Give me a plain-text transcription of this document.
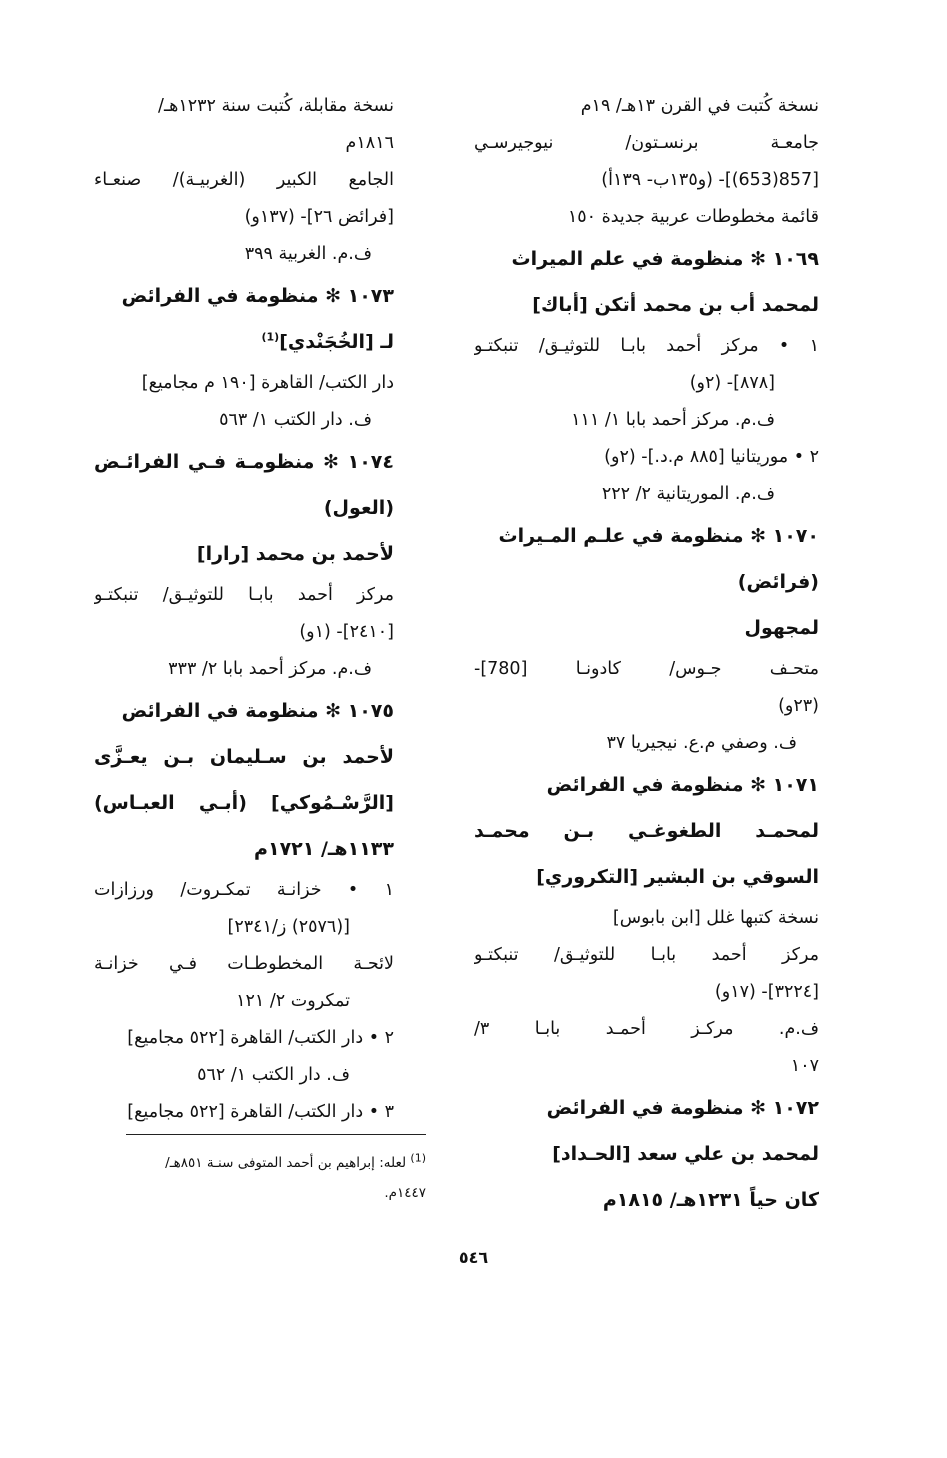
نسخة كُتبت في القرن ١٣هـ/ ١٩م
جامعـة برنسـتون/ نيوجيرسـي
[857(653)]- (و١٣٥ب- ١٣٩أ)
قائمة مخطوطات عربية جديدة ١٥٠
١٠٦٩ ✻ منظومة في علم الميراث
لمحمد أب بن محمد أتكن [أباك]
١ • مركز أحمد بابـا للتوثيـق/ تنبكتـو
[٨٧٨]- (٢و)
ف.م. مركز أحمد بابا ١/ ١١١
٢ • موريتانيا [٨٨٥ م.د.]- (٢و)
ف.م. الموريتانية ٢/ ٢٢٢
١٠٧٠ ✻ منظومة في علـم المـيراث
(فرائض)
لمجهول
متحـف جـوس/ كادونـا [780]-
(٢٣و)
ف. وصفي م.ع. نيجيريا ٣٧
١٠٧١ ✻ منظومة في الفرائض
لمحمـد الطغوغـي بـن محمـد
السوقي بن البشير [التكروري]
نسخة كتبها غلل [ابن بابوس]
مركز أحمد بابـا للتوثيـق/ تنبكتـو
[٣٢٢٤]- (١٧و)
ف.م. مركـز أحمـد بابـا ٣/
١٠٧
١٠٧٢ ✻ منظومة في الفرائض
لمحمد بن علي سعد [الحـداد]
كان حياً ١٢٣١هـ/ ١٨١٥م
نسخة مقابلة، كُتبت سنة ١٢٣٢هـ/
١٨١٦م
الجامع الكبير (الغربيـة)/ صنعـاء
[فرائض ٢٦]- (١٣٧و)
ف.م. الغربية ٣٩٩
١٠٧٣ ✻ منظومة في الفرائض
لـ [الخُجَنْدي]$^{(1)}$
دار الكتب/ القاهرة [١٩٠ م مجاميع]
ف. دار الكتب ١/ ٥٦٣
١٠٧٤ ✻ منظومـة فـي الفرائـض
(العول)
لأحمد بن محمد [رارا]
مركز أحمد بابـا للتوثيـق/ تنبكتـو
[٢٤١٠]- (١و)
ف.م. مركز أحمد بابا ٢/ ٣٣٣
١٠٧٥ ✻ منظومة في الفرائض
لأحمد بن سـليمان بـن يعـزَّى
[الرَّسْـمُوكي] (أبـي العبـاس)
١١٣٣هـ/ ١٧٢١م
١ • خزانـة تمكـروت/ ورزازات
[(٢٥٧٦) ز/٢٣٤١]
لائحـة المخطوطـات فـي خزانـة
تمكروت ٢/ ١٢١
٢ • دار الكتب/ القاهرة [٥٢٢ مجاميع]
ف. دار الكتب ١/ ٥٦٢
٣ • دار الكتب/ القاهرة [٥٢٢ مجاميع]
$^{(1)}$ لعله: إبراهيم بن أحمد المتوفى سنـة ٨٥١هـ/
١٤٤٧م.
٥٤٦
